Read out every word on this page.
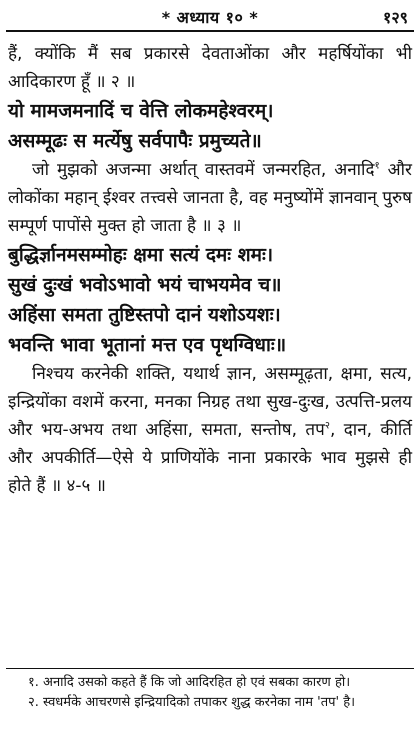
* अध्याय १० *	१२९

हैं, क्योंकि मैं सब प्रकारसे देवताओंका और महर्षियोंका भी आदिकारण हूँ ॥ २ ॥

यो मामजमनादिं च वेत्ति लोकमहेश्वरम्।

असम्मूढः स मर्त्येषु सर्वपापैः प्रमुच्यते॥

जो मुझको अजन्मा अर्थात् वास्तवमें जन्मरहित, अनादि$^१$ और लोकोंका महान् ईश्वर तत्त्वसे जानता है, वह मनुष्योंमें ज्ञानवान् पुरुष सम्पूर्ण पापोंसे मुक्त हो जाता है ॥ ३ ॥

बुद्धिर्ज्ञानमसम्मोहः क्षमा सत्यं दमः शमः।

सुखं दुःखं भवोऽभावो भयं चाभयमेव च॥

अहिंसा समता तुष्टिस्तपो दानं यशोऽयशः।

भवन्ति भावा भूतानां मत्त एव पृथग्विधाः॥

निश्चय करनेकी शक्ति, यथार्थ ज्ञान, असम्मूढ़ता, क्षमा, सत्य, इन्द्रियोंका वशमें करना, मनका निग्रह तथा सुख-दुःख, उत्पत्ति-प्रलय और भय-अभय तथा अहिंसा, समता, सन्तोष, तप$^२$, दान, कीर्ति और अपकीर्ति—ऐसे ये प्राणियोंके नाना प्रकारके भाव मुझसे ही होते हैं ॥ ४-५ ॥

१. अनादि उसको कहते हैं कि जो आदिरहित हो एवं सबका कारण हो।

२. स्वधर्मके आचरणसे इन्द्रियादिको तपाकर शुद्ध करनेका नाम 'तप' है।
